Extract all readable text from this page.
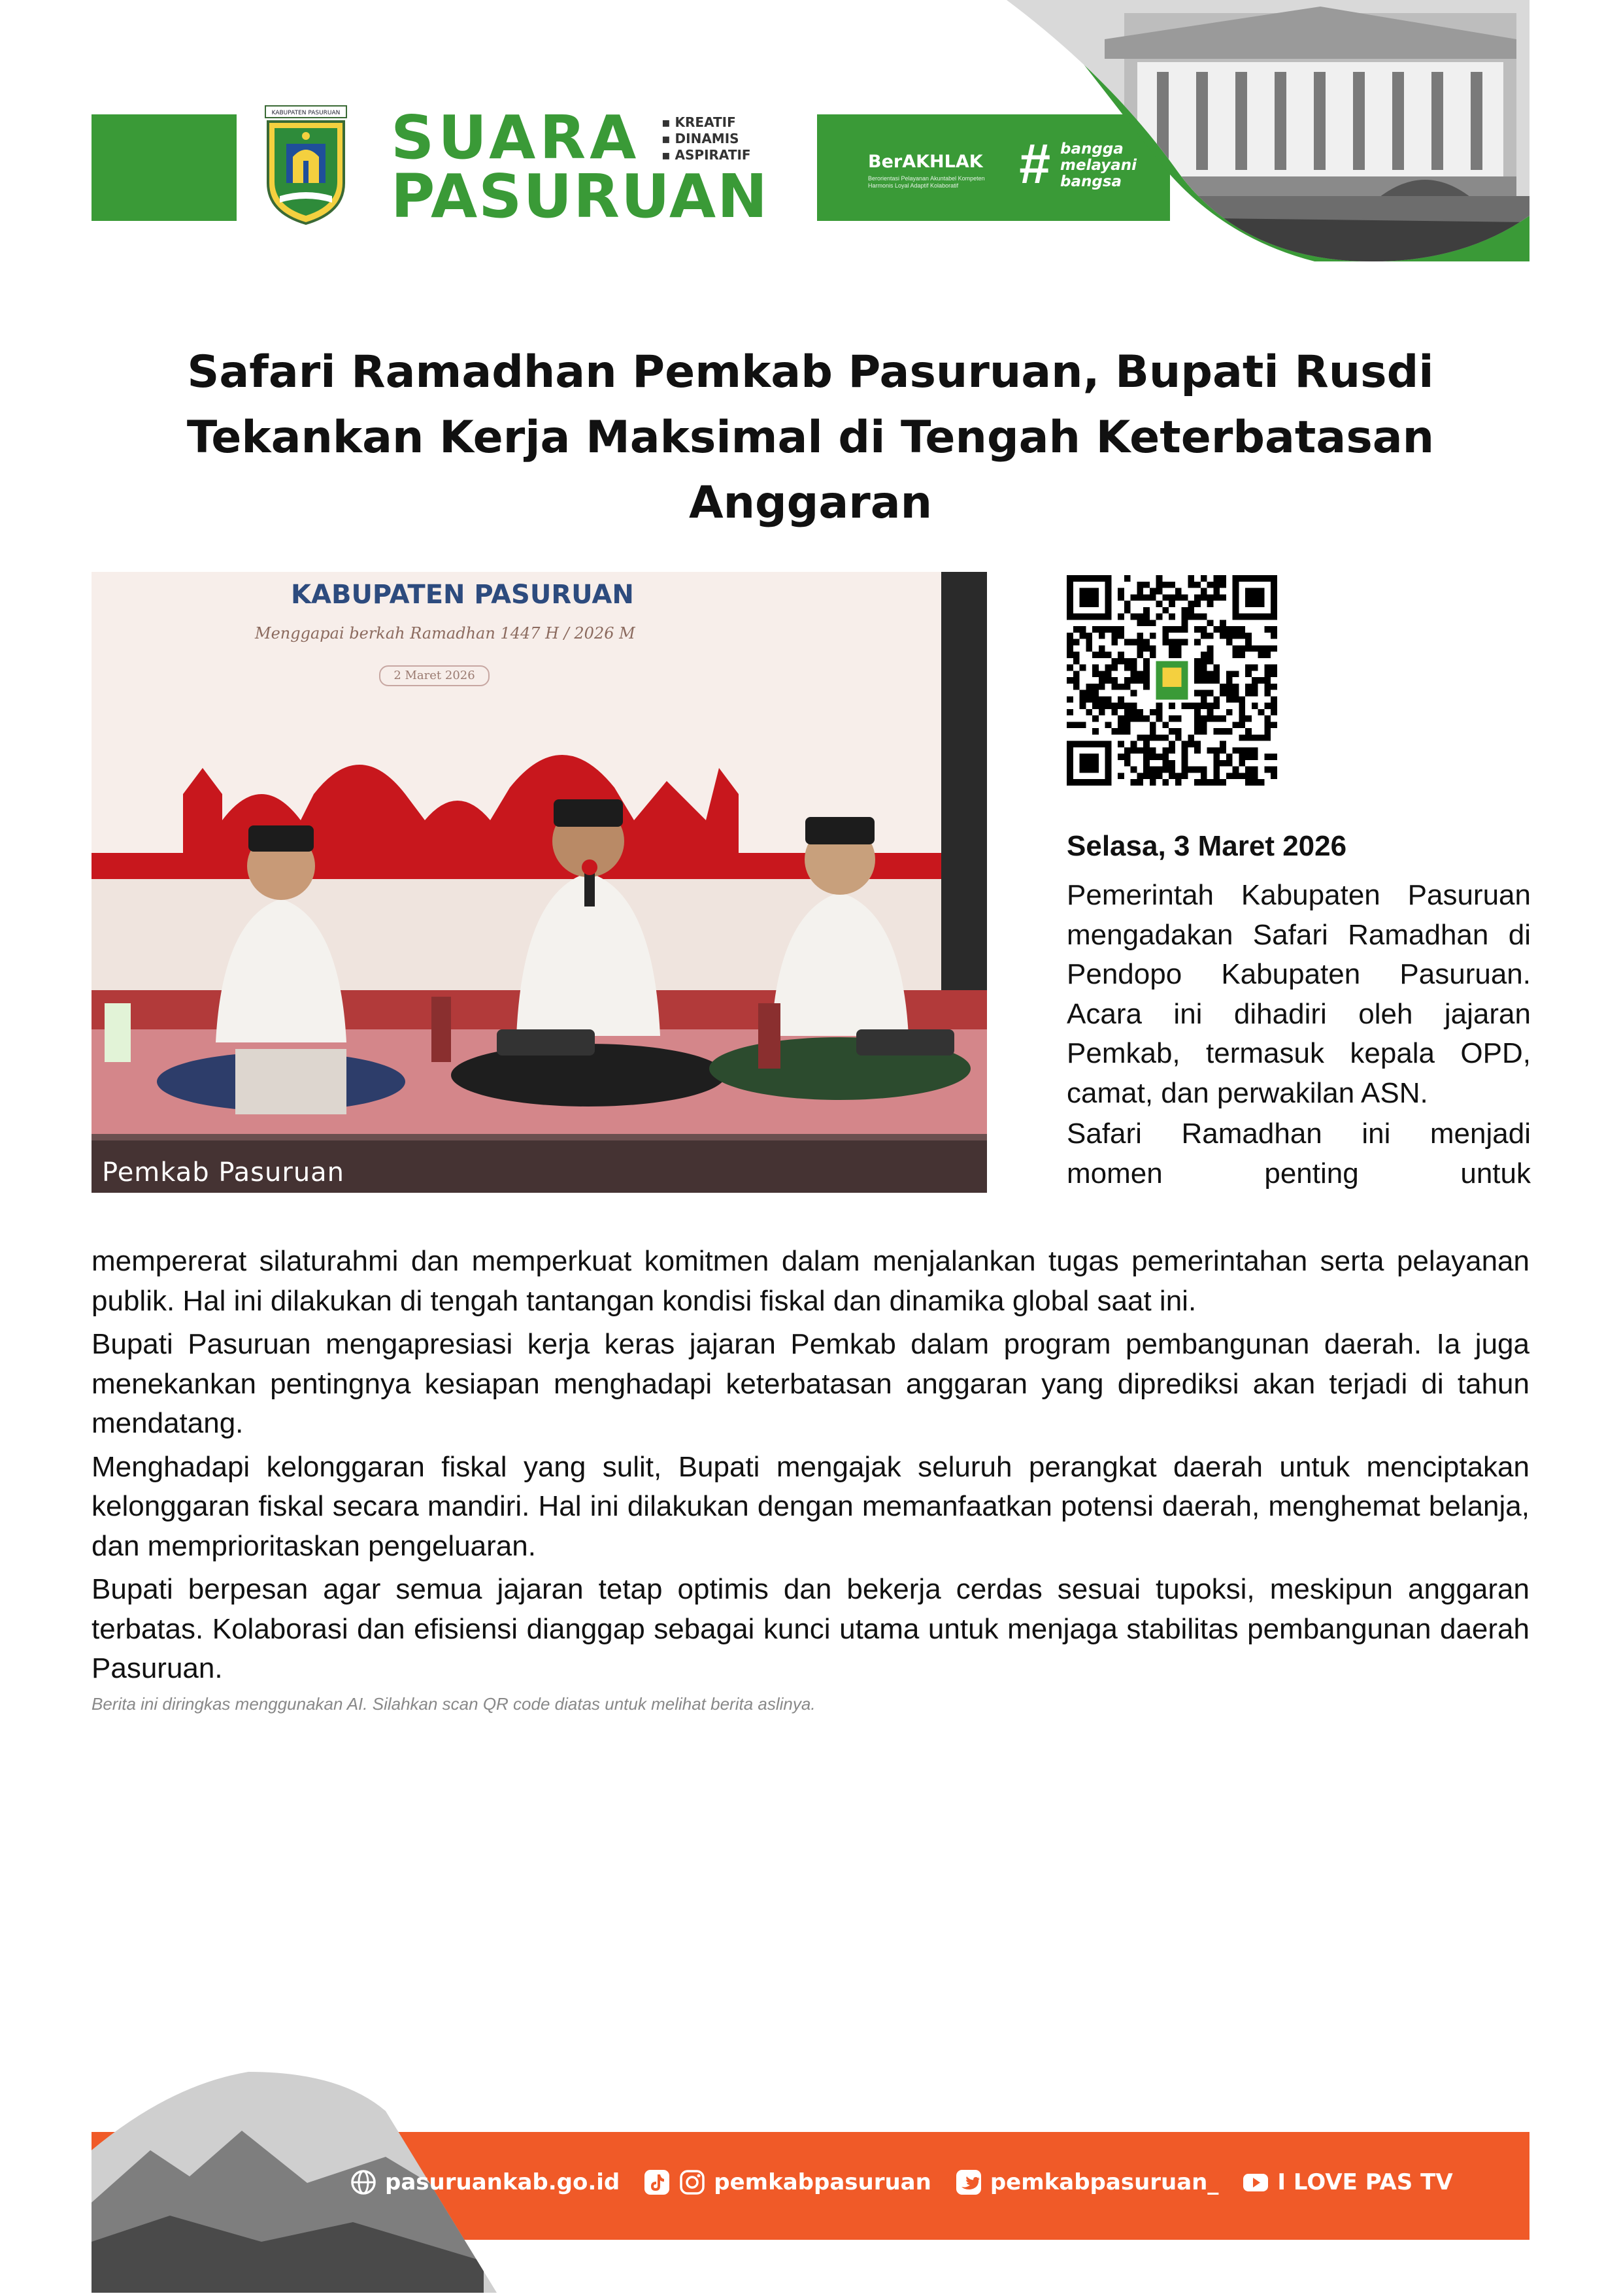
KABUPATEN PASURUAN SUARA
PASURUAN
▪ KREATIF
▪ DINAMIS
▪ ASPIRATIF	BerAKHLAK
Berorientasi Pelayanan Akuntabel Kompeten Harmonis Loyal Adaptif Kolaboratif	# bangga
melayani
bangsa
Safari Ramadhan Pemkab Pasuruan, Bupati Rusdi Tekankan Kerja Maksimal di Tengah Keterbatasan Anggaran
KABUPATEN PASURUAN
Menggapai berkah Ramadhan 1447 H / 2026 M
2 Maret 2026
Pemkab Pasuruan
Selasa, 3 Maret 2026

Pemerintah Kabupaten Pasuruan mengadakan Safari Ramadhan di Pendopo Kabupaten Pasuruan. Acara ini dihadiri oleh jajaran Pemkab, termasuk kepala OPD, camat, dan perwakilan ASN.

Safari Ramadhan ini menjadi momen penting untuk

mempererat silaturahmi dan memperkuat komitmen dalam menjalankan tugas pemerintahan serta pelayanan publik. Hal ini dilakukan di tengah tantangan kondisi fiskal dan dinamika global saat ini.

Bupati Pasuruan mengapresiasi kerja keras jajaran Pemkab dalam program pembangunan daerah. Ia juga menekankan pentingnya kesiapan menghadapi keterbatasan anggaran yang diprediksi akan terjadi di tahun mendatang.

Menghadapi kelonggaran fiskal yang sulit, Bupati mengajak seluruh perangkat daerah untuk menciptakan kelonggaran fiskal secara mandiri. Hal ini dilakukan dengan memanfaatkan potensi daerah, menghemat belanja, dan memprioritaskan pengeluaran.

Bupati berpesan agar semua jajaran tetap optimis dan bekerja cerdas sesuai tupoksi, meskipun anggaran terbatas. Kolaborasi dan efisiensi dianggap sebagai kunci utama untuk menjaga stabilitas pembangunan daerah Pasuruan.

Berita ini diringkas menggunakan AI. Silahkan scan QR code diatas untuk melihat berita aslinya.
pasuruankab.go.id	pemkabpasuruan	pemkabpasuruan_	I LOVE PAS TV
